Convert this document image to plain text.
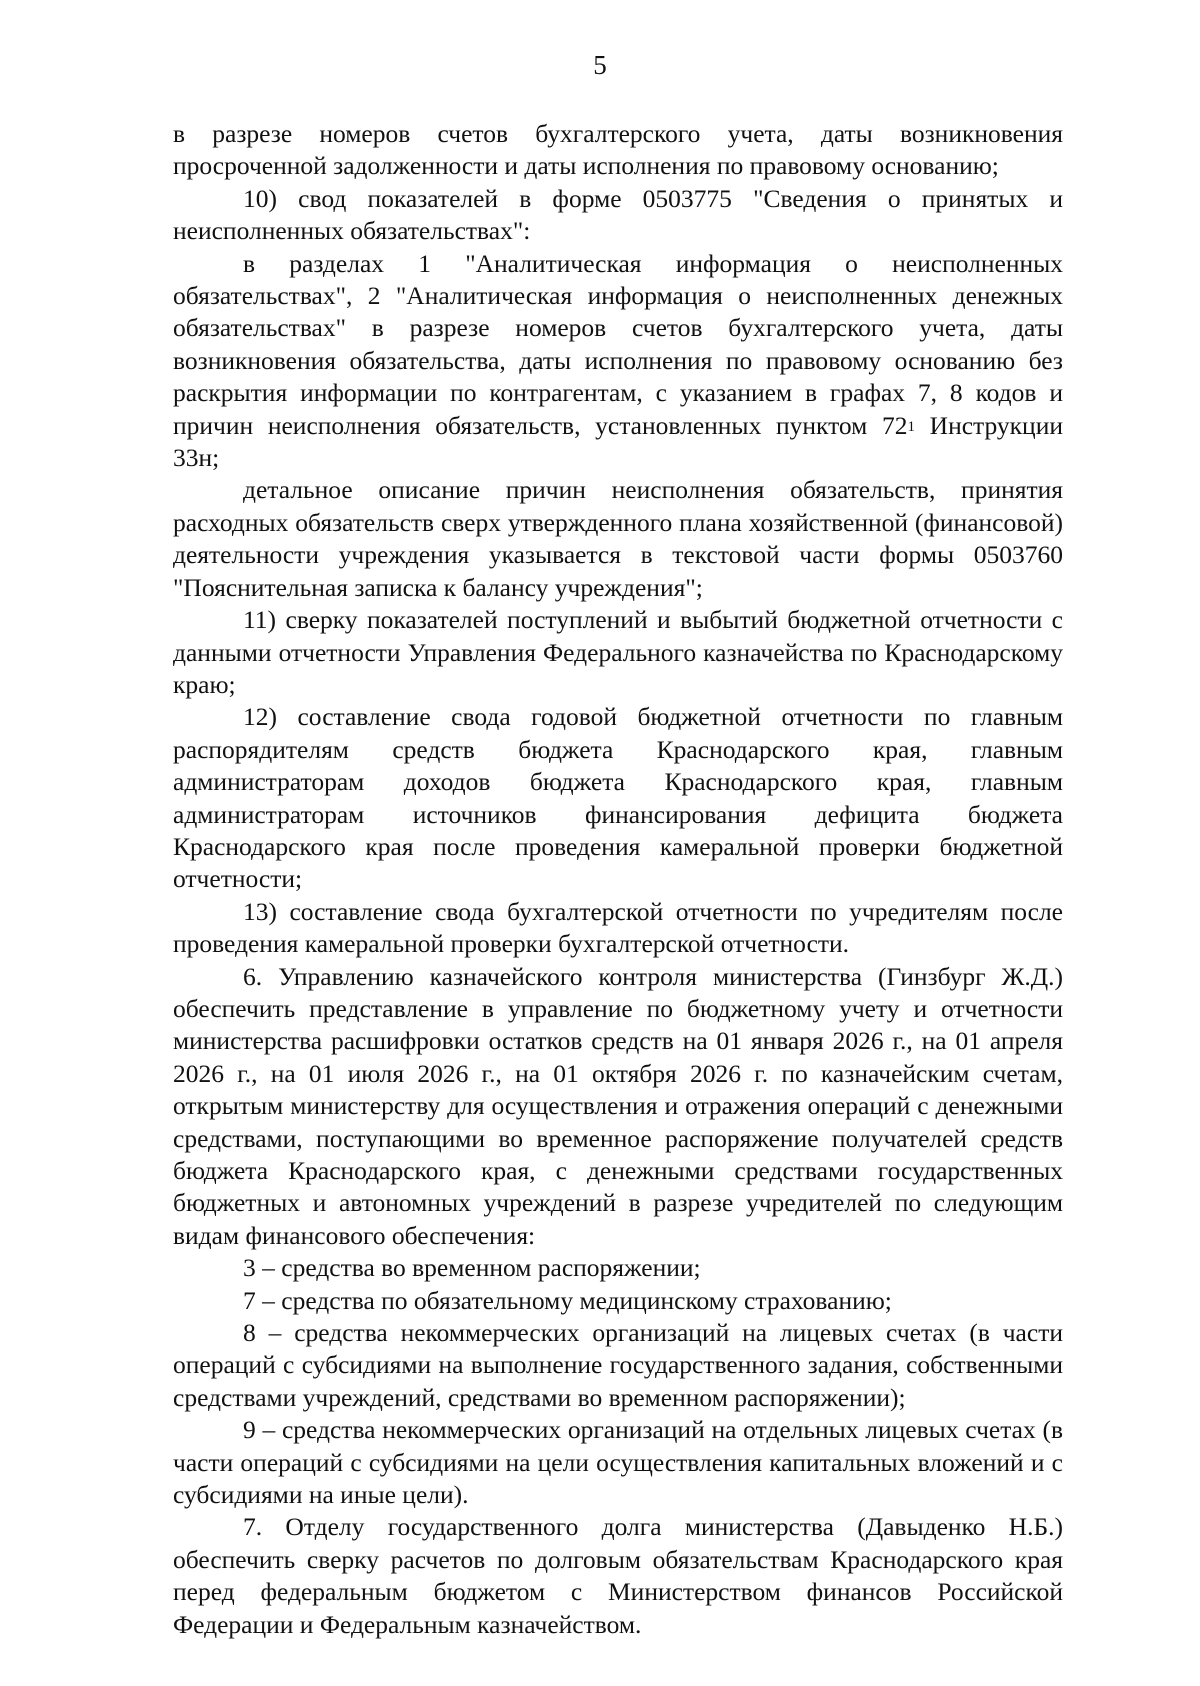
5

в разрезе номеров счетов бухгалтерского учета, даты возникновения просроченной задолженности и даты исполнения по правовому основанию;

10) свод показателей в форме 0503775 "Сведения о принятых и неисполненных обязательствах":

в разделах 1 "Аналитическая информация о неисполненных обязательствах", 2 "Аналитическая информация о неисполненных денежных обязательствах" в разрезе номеров счетов бухгалтерского учета, даты возникновения обязательства, даты исполнения по правовому основанию без раскрытия информации по контрагентам, с указанием в графах 7, 8 кодов и причин неисполнения обязательств, установленных пунктом $72^1$ Инструкции 33н;

детальное описание причин неисполнения обязательств, принятия расходных обязательств сверх утвержденного плана хозяйственной (финансовой) деятельности учреждения указывается в текстовой части формы 0503760 "Пояснительная записка к балансу учреждения";

11) сверку показателей поступлений и выбытий бюджетной отчетности с данными отчетности Управления Федерального казначейства по Краснодарскому краю;

12) составление свода годовой бюджетной отчетности по главным распорядителям средств бюджета Краснодарского края, главным администраторам доходов бюджета Краснодарского края, главным администраторам источников финансирования дефицита бюджета Краснодарского края после проведения камеральной проверки бюджетной отчетности;

13) составление свода бухгалтерской отчетности по учредителям после проведения камеральной проверки бухгалтерской отчетности.

6. Управлению казначейского контроля министерства (Гинзбург Ж.Д.) обеспечить представление в управление по бюджетному учету и отчетности министерства расшифровки остатков средств на 01 января 2026 г., на 01 апреля 2026 г., на 01 июля 2026 г., на 01 октября 2026 г. по казначейским счетам, открытым министерству для осуществления и отражения операций с денежными средствами, поступающими во временное распоряжение получателей средств бюджета Краснодарского края, с денежными средствами государственных бюджетных и автономных учреждений в разрезе учредителей по следующим видам финансового обеспечения:

3 – средства во временном распоряжении;

7 – средства по обязательному медицинскому страхованию;

8 – средства некоммерческих организаций на лицевых счетах (в части операций с субсидиями на выполнение государственного задания, собственными средствами учреждений, средствами во временном распоряжении);

9 – средства некоммерческих организаций на отдельных лицевых счетах (в части операций с субсидиями на цели осуществления капитальных вложений и с субсидиями на иные цели).

7. Отделу государственного долга министерства (Давыденко Н.Б.) обеспечить сверку расчетов по долговым обязательствам Краснодарского края перед федеральным бюджетом с Министерством финансов Российской Федерации и Федеральным казначейством.
